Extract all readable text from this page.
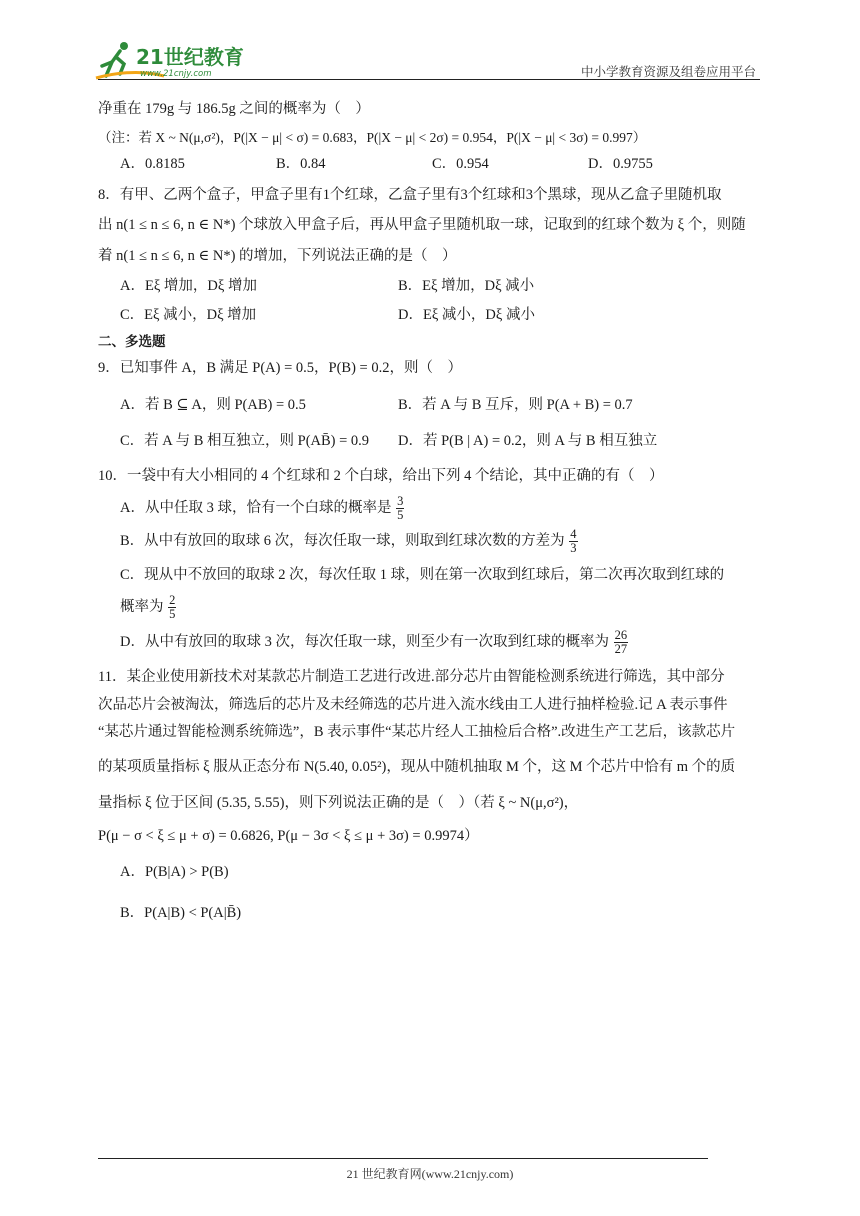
21世纪教育
www.21cnjy.com	中小学教育资源及组卷应用平台

净重在 179g 与 186.5g 之间的概率为（　）

（注：若 X ~ N(μ,σ²)，P(|X − μ| < σ) = 0.683，P(|X − μ| < 2σ) = 0.954，P(|X − μ| < 3σ) = 0.997）

A．0.8185	B．0.84	C．0.954	D．0.9755

8．有甲、乙两个盒子，甲盒子里有1个红球，乙盒子里有3个红球和3个黑球，现从乙盒子里随机取

出 n(1 ≤ n ≤ 6, n ∈ N*) 个球放入甲盒子后，再从甲盒子里随机取一球，记取到的红球个数为 ξ 个，则随

着 n(1 ≤ n ≤ 6, n ∈ N*) 的增加，下列说法正确的是（　）

A．Eξ 增加，Dξ 增加	B．Eξ 增加，Dξ 减小
C．Eξ 减小，Dξ 增加	D．Eξ 减小，Dξ 减小

二、多选题

9．已知事件 A，B 满足 P(A) = 0.5，P(B) = 0.2，则（　）

A．若 B ⊆ A，则 P(AB) = 0.5	B．若 A 与 B 互斥，则 P(A + B) = 0.7
C．若 A 与 B 相互独立，则 P(AB̄) = 0.9	D．若 P(B | A) = 0.2，则 A 与 B 相互独立

10．一袋中有大小相同的 4 个红球和 2 个白球，给出下列 4 个结论，其中正确的有（　）

A．从中任取 3 球，恰有一个白球的概率是 $\frac{3}{5}$
B．从中有放回的取球 6 次，每次任取一球，则取到红球次数的方差为 $\frac{4}{3}$
C．现从中不放回的取球 2 次，每次任取 1 球，则在第一次取到红球后，第二次再次取到红球的
概率为 $\frac{2}{5}$
D．从中有放回的取球 3 次，每次任取一球，则至少有一次取到红球的概率为 $\frac{26}{27}$

11．某企业使用新技术对某款芯片制造工艺进行改进.部分芯片由智能检测系统进行筛选，其中部分

次品芯片会被淘汰，筛选后的芯片及未经筛选的芯片进入流水线由工人进行抽样检验.记 A 表示事件

“某芯片通过智能检测系统筛选”，B 表示事件“某芯片经人工抽检后合格”.改进生产工艺后，该款芯片

的某项质量指标 ξ 服从正态分布 N(5.40, 0.05²)，现从中随机抽取 M 个，这 M 个芯片中恰有 m 个的质

量指标 ξ 位于区间 (5.35, 5.55)，则下列说法正确的是（　）（若 ξ ~ N(μ,σ²)，

P(μ − σ < ξ ≤ μ + σ) = 0.6826, P(μ − 3σ < ξ ≤ μ + 3σ) = 0.9974）

A．P(B|A) > P(B)
B．P(A|B) < P(A|B̄)
21 世纪教育网(www.21cnjy.com)
